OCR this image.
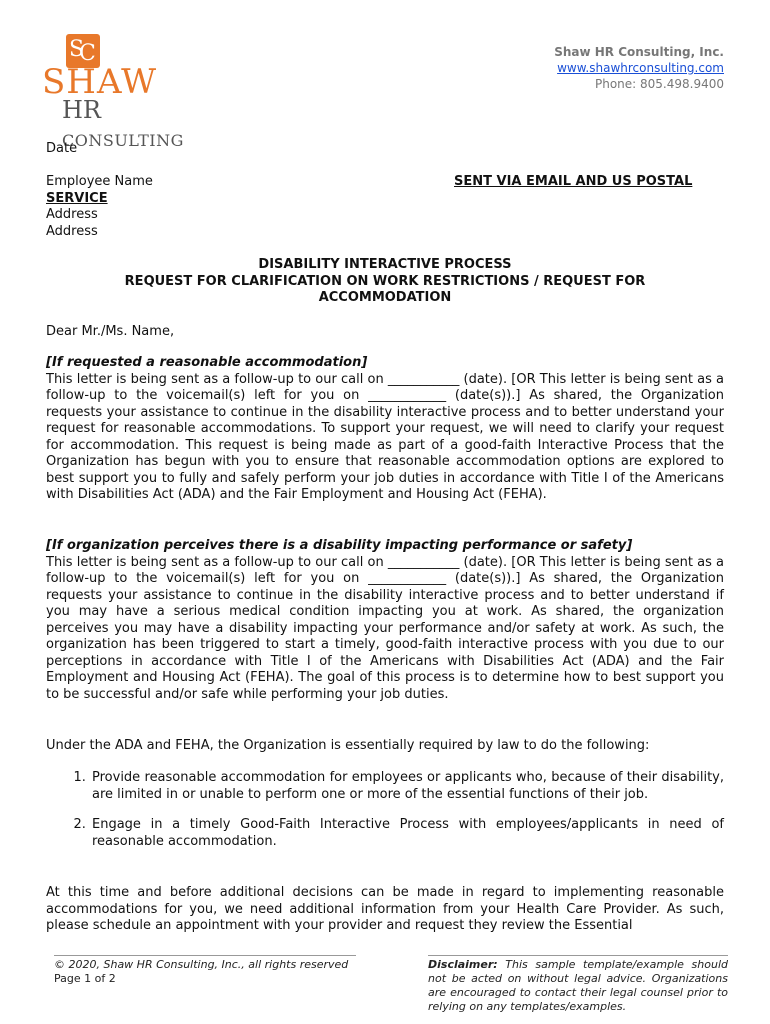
S
C
SHAW
HR CONSULTING
Shaw HR Consulting, Inc.
www.shawhrconsulting.com
Phone: 805.498.9400
Date
Employee Name
SERVICE
Address
Address
SENT VIA EMAIL AND US POSTAL
DISABILITY INTERACTIVE PROCESS
REQUEST FOR CLARIFICATION ON WORK RESTRICTIONS / REQUEST FOR ACCOMMODATION
Dear Mr./Ms. Name,
[If requested a reasonable accommodation]
This letter is being sent as a follow-up to our call on ___________ (date). [OR This letter is being sent as a follow-up to the voicemail(s) left for you on ____________ (date(s)).] As shared, the Organization requests your assistance to continue in the disability interactive process and to better understand your request for reasonable accommodations. To support your request, we will need to clarify your request for accommodation. This request is being made as part of a good-faith Interactive Process that the Organization has begun with you to ensure that reasonable accommodation options are explored to best support you to fully and safely perform your job duties in accordance with Title I of the Americans with Disabilities Act (ADA) and the Fair Employment and Housing Act (FEHA).
[If organization perceives there is a disability impacting performance or safety]
This letter is being sent as a follow-up to our call on ___________ (date). [OR This letter is being sent as a follow-up to the voicemail(s) left for you on ____________ (date(s)).] As shared, the Organization requests your assistance to continue in the disability interactive process and to better understand if you may have a serious medical condition impacting you at work. As shared, the organization perceives you may have a disability impacting your performance and/or safety at work. As such, the organization has been triggered to start a timely, good-faith interactive process with you due to our perceptions in accordance with Title I of the Americans with Disabilities Act (ADA) and the Fair Employment and Housing Act (FEHA). The goal of this process is to determine how to best support you to be successful and/or safe while performing your job duties.
Under the ADA and FEHA, the Organization is essentially required by law to do the following:
1. Provide reasonable accommodation for employees or applicants who, because of their disability, are limited in or unable to perform one or more of the essential functions of their job.
2. Engage in a timely Good-Faith Interactive Process with employees/applicants in need of reasonable accommodation.
At this time and before additional decisions can be made in regard to implementing reasonable accommodations for you, we need additional information from your Health Care Provider. As such, please schedule an appointment with your provider and request they review the Essential
© 2020, Shaw HR Consulting, Inc., all rights reserved
Page 1 of 2
Disclaimer: This sample template/example should not be acted on without legal advice. Organizations are encouraged to contact their legal counsel prior to relying on any templates/examples.
